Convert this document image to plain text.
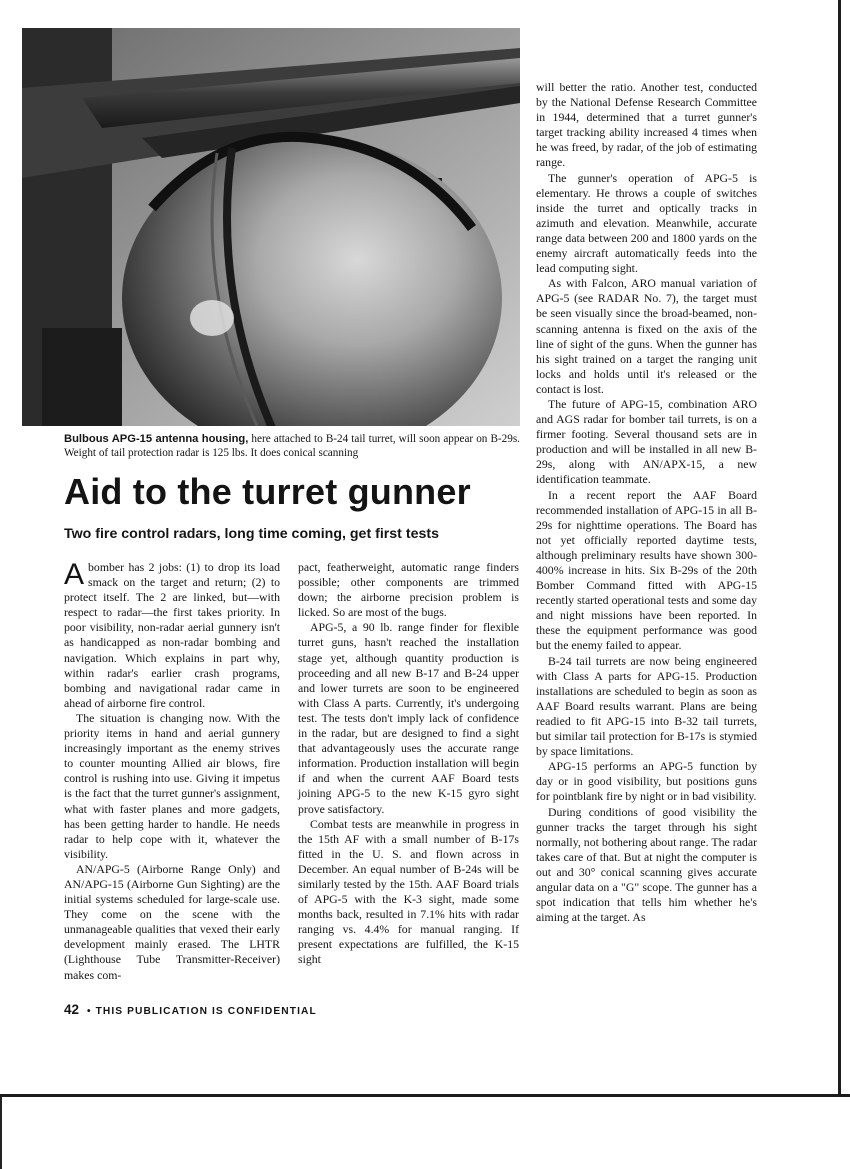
Bulbous APG-15 antenna housing, here attached to B-24 tail turret, will soon appear on B-29s. Weight of tail protection radar is 125 lbs. It does conical scanning
Aid to the turret gunner
Two fire control radars, long time coming, get first tests

Abomber has 2 jobs: (1) to drop its load smack on the target and return; (2) to protect itself. The 2 are linked, but—with respect to radar—the first takes priority. In poor visibility, non-radar aerial gunnery isn't as handicapped as non-radar bombing and navigation. Which explains in part why, within radar's earlier crash programs, bombing and navigational radar came in ahead of airborne fire control.

The situation is changing now. With the priority items in hand and aerial gunnery increasingly important as the enemy strives to counter mounting Allied air blows, fire control is rushing into use. Giving it impetus is the fact that the turret gunner's assignment, what with faster planes and more gadgets, has been getting harder to handle. He needs radar to help cope with it, whatever the visibility.

AN/APG-5 (Airborne Range Only) and AN/APG-15 (Airborne Gun Sighting) are the initial systems scheduled for large-scale use. They come on the scene with the unmanageable qualities that vexed their early development mainly erased. The LHTR (Lighthouse Tube Transmitter-Receiver) makes com-

pact, featherweight, automatic range finders possible; other components are trimmed down; the airborne precision problem is licked. So are most of the bugs.

APG-5, a 90 lb. range finder for flexible turret guns, hasn't reached the installation stage yet, although quantity production is proceeding and all new B-17 and B-24 upper and lower turrets are soon to be engineered with Class A parts. Currently, it's undergoing test. The tests don't imply lack of confidence in the radar, but are designed to find a sight that advantageously uses the accurate range information. Production installation will begin if and when the current AAF Board tests joining APG-5 to the new K-15 gyro sight prove satisfactory.

Combat tests are meanwhile in progress in the 15th AF with a small number of B-17s fitted in the U. S. and flown across in December. An equal number of B-24s will be similarly tested by the 15th. AAF Board trials of APG-5 with the K-3 sight, made some months back, resulted in 7.1% hits with radar ranging vs. 4.4% for manual ranging. If present expectations are fulfilled, the K-15 sight

will better the ratio. Another test, conducted by the National Defense Research Committee in 1944, determined that a turret gunner's target tracking ability increased 4 times when he was freed, by radar, of the job of estimating range.

The gunner's operation of APG-5 is elementary. He throws a couple of switches inside the turret and optically tracks in azimuth and elevation. Meanwhile, accurate range data between 200 and 1800 yards on the enemy aircraft automatically feeds into the lead computing sight.

As with Falcon, ARO manual variation of APG-5 (see RADAR No. 7), the target must be seen visually since the broad-beamed, non-scanning antenna is fixed on the axis of the line of sight of the guns. When the gunner has his sight trained on a target the ranging unit locks and holds until it's released or the contact is lost.

The future of APG-15, combination ARO and AGS radar for bomber tail turrets, is on a firmer footing. Several thousand sets are in production and will be installed in all new B-29s, along with AN/APX-15, a new identification teammate.

In a recent report the AAF Board recommended installation of APG-15 in all B-29s for nighttime operations. The Board has not yet officially reported daytime tests, although preliminary results have shown 300-400% increase in hits. Six B-29s of the 20th Bomber Command fitted with APG-15 recently started operational tests and some day and night missions have been reported. In these the equipment performance was good but the enemy failed to appear.

B-24 tail turrets are now being engineered with Class A parts for APG-15. Production installations are scheduled to begin as soon as AAF Board results warrant. Plans are being readied to fit APG-15 into B-32 tail turrets, but similar tail protection for B-17s is stymied by space limitations.

APG-15 performs an APG-5 function by day or in good visibility, but positions guns for pointblank fire by night or in bad visibility.

During conditions of good visibility the gunner tracks the target through his sight normally, not bothering about range. The radar takes care of that. But at night the computer is out and 30° conical scanning gives accurate angular data on a "G" scope. The gunner has a spot indication that tells him whether he's aiming at the target. As

42 • THIS PUBLICATION IS CONFIDENTIAL
